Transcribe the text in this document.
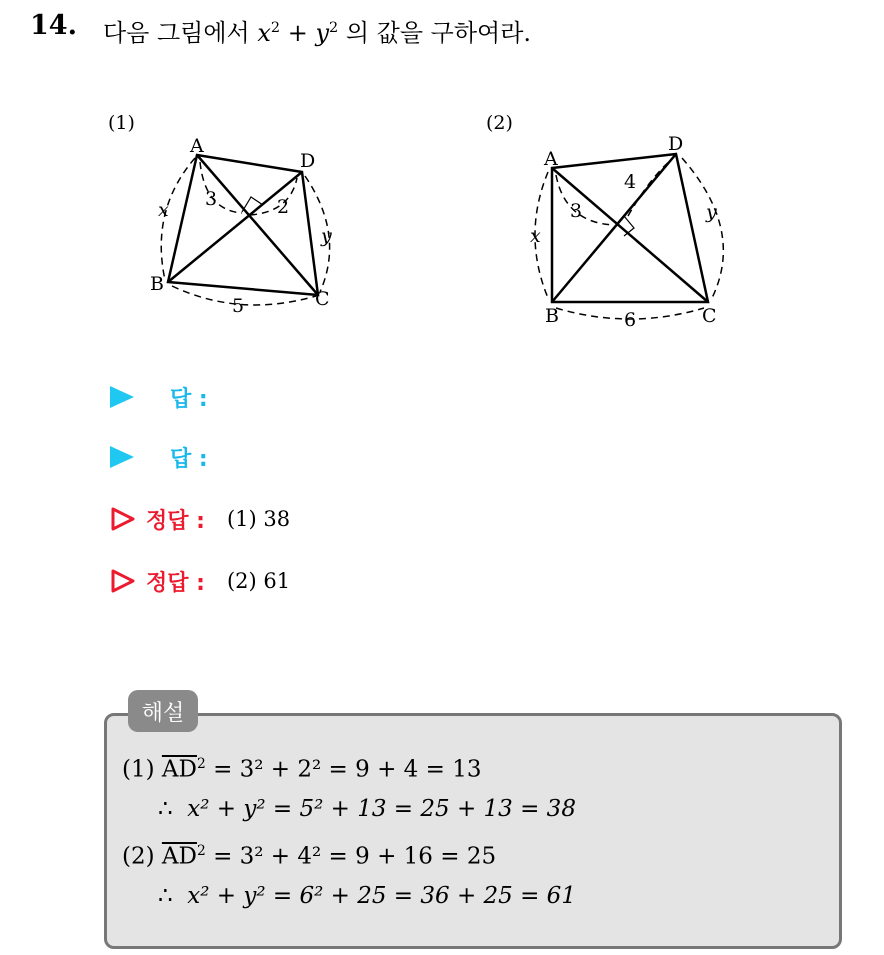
14. 다음 그림에서 $x^2 + y^2$ 의 값을 구하여라.
(1)
A
D
B
C
x
y
3	2
5
(2)
A
D
B	C
x
y
3
4
6
답 :
답 :
정답 : (1) 38
정답 : (2) 61
해설
(1) $\overline{AD}^2 = 3^2 + 2^2 = 9 + 4 = 13$
∴ x² + y² = 5² + 13 = 25 + 13 = 38
(2) $\overline{AD}^2 = 3^2 + 4^2 = 9 + 16 = 25$
∴ x² + y² = 6² + 25 = 36 + 25 = 61
